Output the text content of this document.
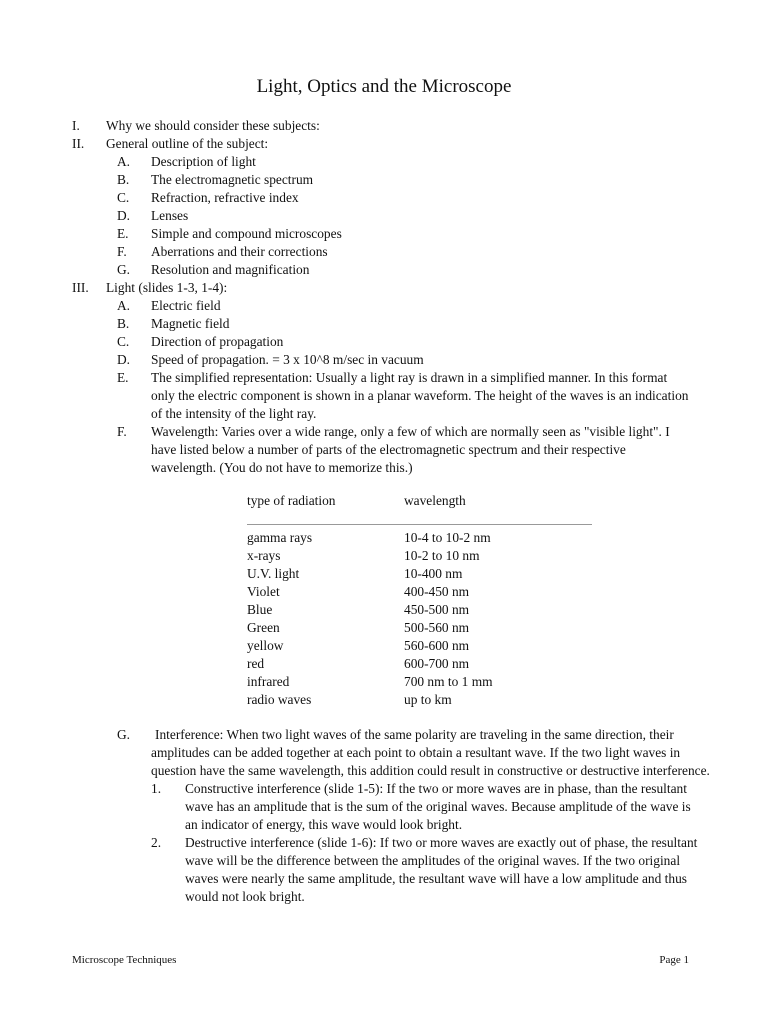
Light, Optics and the Microscope
I. Why we should consider these subjects:
II. General outline of the subject:
A. Description of light
B. The electromagnetic spectrum
C. Refraction, refractive index
D. Lenses
E. Simple and compound microscopes
F. Aberrations and their corrections
G. Resolution and magnification
III. Light (slides 1-3, 1-4):
A. Electric field
B. Magnetic field
C. Direction of propagation
D. Speed of propagation. = 3 x 10^8 m/sec in vacuum
E. The simplified representation: Usually a light ray is drawn in a simplified manner. In this format only the electric component is shown in a planar waveform. The height of the waves is an indication of the intensity of the light ray.
F. Wavelength: Varies over a wide range, only a few of which are normally seen as "visible light". I have listed below a number of parts of the electromagnetic spectrum and their respective wavelength. (You do not have to memorize this.)
type of radiation	wavelength
gamma rays	10-4 to 10-2 nm
x-rays	10-2 to 10 nm
U.V. light	10-400 nm
Violet	400-450 nm
Blue	450-500 nm
Green	500-560 nm
yellow	560-600 nm
red	600-700 nm
infrared	700 nm to 1 mm
radio waves	up to km
G. Interference: When two light waves of the same polarity are traveling in the same direction, their amplitudes can be added together at each point to obtain a resultant wave. If the two light waves in question have the same wavelength, this addition could result in constructive or destructive interference.
1. Constructive interference (slide 1-5): If the two or more waves are in phase, than the resultant wave has an amplitude that is the sum of the original waves. Because amplitude of the wave is an indicator of energy, this wave would look bright.
2. Destructive interference (slide 1-6): If two or more waves are exactly out of phase, the resultant wave will be the difference between the amplitudes of the original waves. If the two original waves were nearly the same amplitude, the resultant wave will have a low amplitude and thus would not look bright.
Microscope Techniques	Page 1
